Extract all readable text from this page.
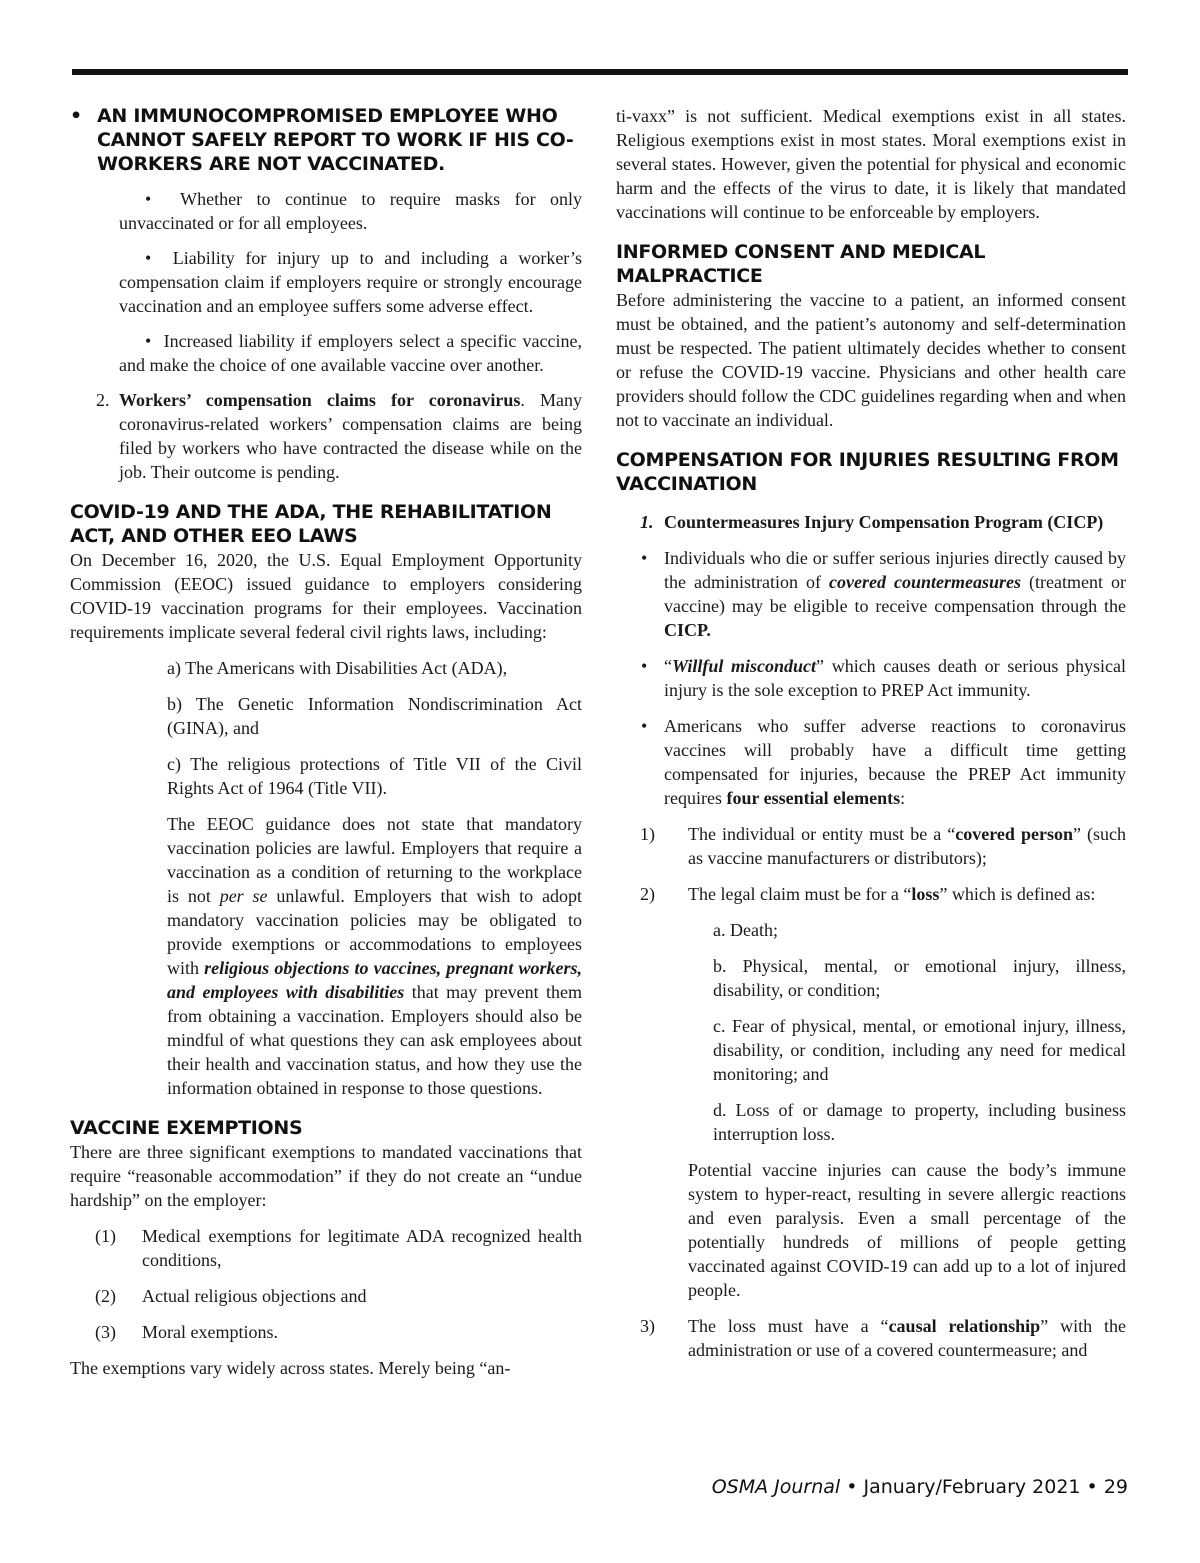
• AN IMMUNOCOMPROMISED EMPLOYEE WHO CANNOT SAFELY REPORT TO WORK IF HIS CO-WORKERS ARE NOT VACCINATED.

•  Whether to continue to require masks for only unvaccinated or for all employees.

•  Liability for injury up to and including a worker’s compensation claim if employers require or strongly encourage vaccination and an employee suffers some adverse effect.

•  Increased liability if employers select a specific vaccine, and make the choice of one available vaccine over another.

2. Workers’ compensation claims for coronavirus. Many coronavirus-related workers’ compensation claims are being filed by workers who have contracted the disease while on the job. Their outcome is pending.
COVID-19 AND THE ADA, THE REHABILITATION ACT, AND OTHER EEO LAWS

On December 16, 2020, the U.S. Equal Employment Opportunity Commission (EEOC) issued guidance to employers considering COVID-19 vaccination programs for their employees. Vaccination requirements implicate several federal civil rights laws, including:

a) The Americans with Disabilities Act (ADA),

b) The Genetic Information Nondiscrimination Act (GINA), and

c) The religious protections of Title VII of the Civil Rights Act of 1964 (Title VII).

The EEOC guidance does not state that mandatory vaccination policies are lawful. Employers that require a vaccination as a condition of returning to the workplace is not per se unlawful. Employers that wish to adopt mandatory vaccination policies may be obligated to provide exemptions or accommodations to employees with religious objections to vaccines, pregnant workers, and employees with disabilities that may prevent them from obtaining a vaccination. Employers should also be mindful of what questions they can ask employees about their health and vaccination status, and how they use the information obtained in response to those questions.

VACCINE EXEMPTIONS

There are three significant exemptions to mandated vaccinations that require “reasonable accommodation” if they do not create an “undue hardship” on the employer:

(1) Medical exemptions for legitimate ADA recognized health conditions,
(2) Actual religious objections and
(3) Moral exemptions.

The exemptions vary widely across states. Merely being “an-

ti-vaxx” is not sufficient. Medical exemptions exist in all states. Religious exemptions exist in most states. Moral exemptions exist in several states. However, given the potential for physical and economic harm and the effects of the virus to date, it is likely that mandated vaccinations will continue to be enforceable by employers.

INFORMED CONSENT AND MEDICAL MALPRACTICE

Before administering the vaccine to a patient, an informed consent must be obtained, and the patient’s autonomy and self-determination must be respected. The patient ultimately decides whether to consent or refuse the COVID-19 vaccine. Physicians and other health care providers should follow the CDC guidelines regarding when and when not to vaccinate an individual.

COMPENSATION FOR INJURIES RESULTING FROM VACCINATION
1. Countermeasures Injury Compensation Program (CICP)
• Individuals who die or suffer serious injuries directly caused by the administration of covered countermeasures (treatment or vaccine) may be eligible to receive compensation through the CICP.
• “Willful misconduct” which causes death or serious physical injury is the sole exception to PREP Act immunity.
• Americans who suffer adverse reactions to coronavirus vaccines will probably have a difficult time getting compensated for injuries, because the PREP Act immunity requires four essential elements:
1) The individual or entity must be a “covered person” (such as vaccine manufacturers or distributors);
2) The legal claim must be for a “loss” which is defined as:

a. Death;

b. Physical, mental, or emotional injury, illness, disability, or condition;

c. Fear of physical, mental, or emotional injury, illness, disability, or condition, including any need for medical monitoring; and

d. Loss of or damage to property, including business interruption loss.

Potential vaccine injuries can cause the body’s immune system to hyper-react, resulting in severe allergic reactions and even paralysis. Even a small percentage of the potentially hundreds of millions of people getting vaccinated against COVID-19 can add up to a lot of injured people.

3) The loss must have a “causal relationship” with the administration or use of a covered countermeasure; and
OSMA Journal • January/February 2021 • 29
